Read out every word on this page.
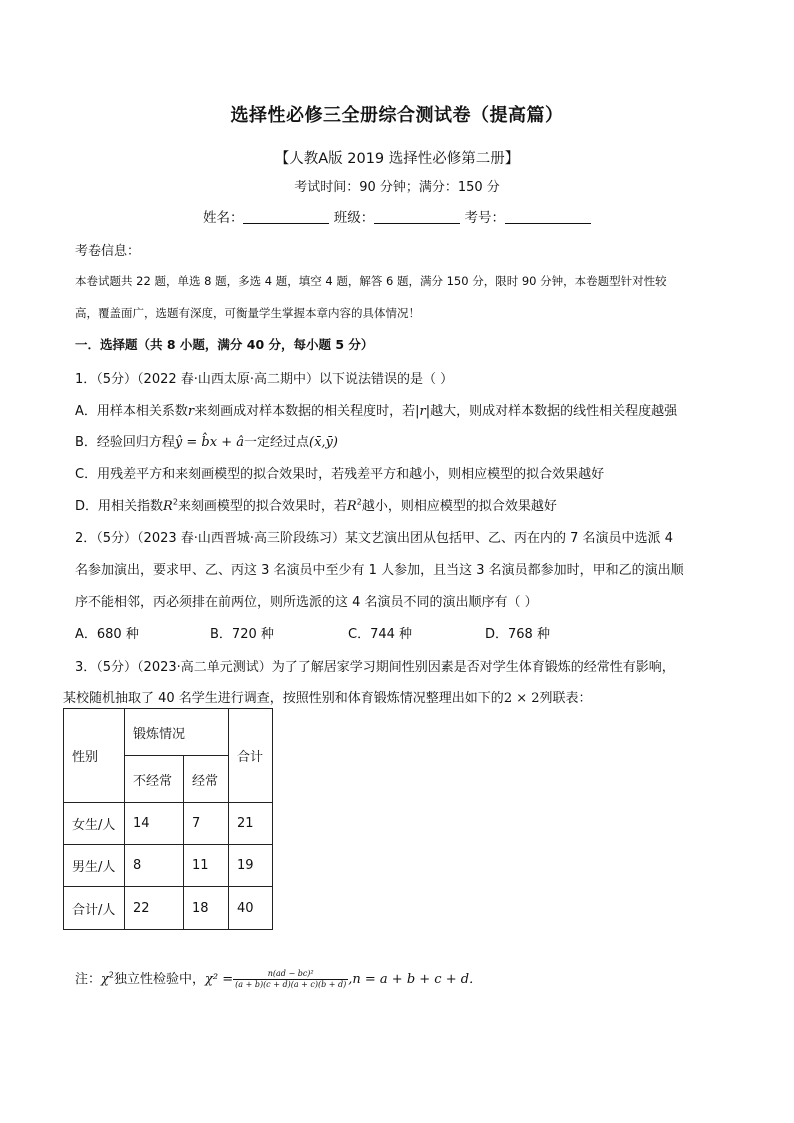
选择性必修三全册综合测试卷（提高篇）
【人教A版 2019 选择性必修第二册】
考试时间：90 分钟；满分：150 分
姓名：	班级：	考号：
考卷信息：
本卷试题共 22 题，单选 8 题，多选 4 题，填空 4 题，解答 6 题，满分 150 分，限时 90 分钟，本卷题型针对性较
高，覆盖面广，选题有深度，可衡量学生掌握本章内容的具体情况！
一．选择题（共 8 小题，满分 40 分，每小题 5 分）
1．（5分）（2022 春·山西太原·高二期中）以下说法错误的是（ ）
A．用样本相关系数r来刻画成对样本数据的相关程度时，若|r|越大，则成对样本数据的线性相关程度越强
B．经验回归方程ŷ = b̂x + â一定经过点(x̄,ȳ)
C．用残差平方和来刻画模型的拟合效果时，若残差平方和越小，则相应模型的拟合效果越好
D．用相关指数$R^2$来刻画模型的拟合效果时，若$R^2$越小，则相应模型的拟合效果越好
2．（5分）（2023 春·山西晋城·高三阶段练习）某文艺演出团从包括甲、乙、丙在内的 7 名演员中选派 4
名参加演出，要求甲、乙、丙这 3 名演员中至少有 1 人参加，且当这 3 名演员都参加时，甲和乙的演出顺
序不能相邻，丙必须排在前两位，则所选派的这 4 名演员不同的演出顺序有（ ）
A．680 种	B．720 种	C．744 种	D．768 种
3．（5分）（2023·高二单元测试）为了了解居家学习期间性别因素是否对学生体育锻炼的经常性有影响，
某校随机抽取了 40 名学生进行调查，按照性别和体育锻炼情况整理出如下的2 × 2列联表：
性别	锻炼情况		合计
	不经常	经常	
女生/人	14	7	21
男生/人	8	11	19
合计/人	22	18	40
注：$\chi^2$独立性检验中，$\chi^2 = \frac{\text{n(ad − bc)²}}{(a + b)(c + d)(a + c)(b + d)} ,n = a + b + c + d$．
